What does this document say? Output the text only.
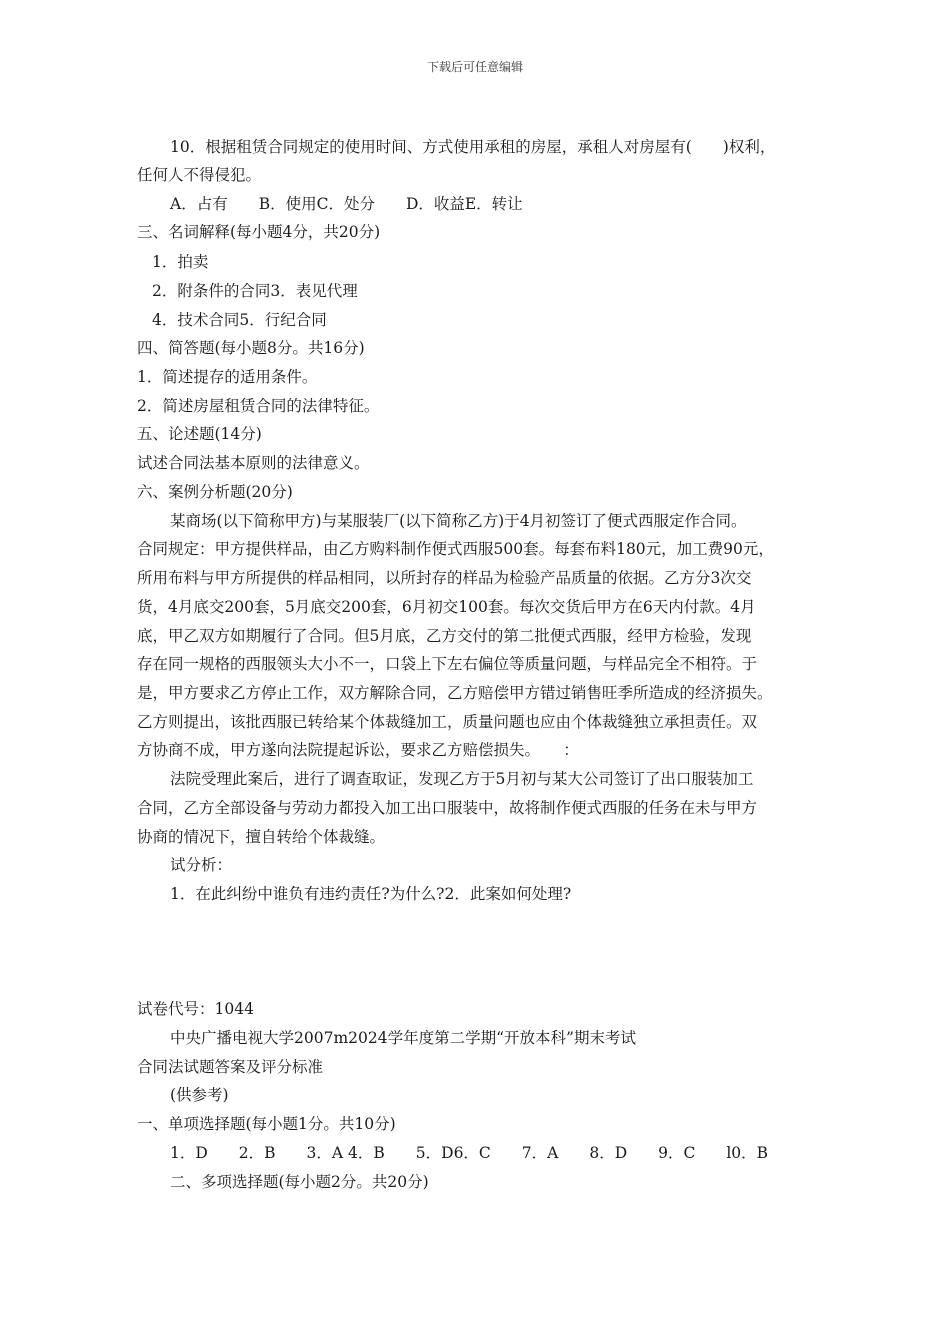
下载后可任意编辑
10．根据租赁合同规定的使用时间、方式使用承租的房屋，承租人对房屋有(　　)权利，
任何人不得侵犯。
A．占有　　B．使用C．处分　　D．收益E．转让
三、名词解释(每小题4分，共20分)
1．拍卖
2．附条件的合同3．表见代理
4．技术合同5．行纪合同
四、简答题(每小题8分。共16分)
1．简述提存的适用条件。
2．简述房屋租赁合同的法律特征。
五、论述题(14分)
试述合同法基本原则的法律意义。
六、案例分析题(20分)
某商场(以下简称甲方)与某服装厂(以下简称乙方)于4月初签订了便式西服定作合同。
合同规定：甲方提供样品，由乙方购料制作便式西服500套。每套布料180元，加工费90元，
所用布料与甲方所提供的样品相同，以所封存的样品为检验产品质量的依据。乙方分3次交
货，4月底交200套，5月底交200套，6月初交100套。每次交货后甲方在6天内付款。4月
底，甲乙双方如期履行了合同。但5月底，乙方交付的第二批便式西服，经甲方检验，发现
存在同一规格的西服领头大小不一，口袋上下左右偏位等质量问题，与样品完全不相符。于
是，甲方要求乙方停止工作，双方解除合同，乙方赔偿甲方错过销售旺季所造成的经济损失。
乙方则提出，该批西服已转给某个体裁缝加工，质量问题也应由个体裁缝独立承担责任。双
方协商不成，甲方遂向法院提起诉讼，要求乙方赔偿损失。　　：
法院受理此案后，进行了调查取证，发现乙方于5月初与某大公司签订了出口服装加工
合同，乙方全部设备与劳动力都投入加工出口服装中，故将制作便式西服的任务在未与甲方
协商的情况下，擅自转给个体裁缝。
试分析：
1．在此纠纷中谁负有违约责任?为什么?2．此案如何处理?
试卷代号：1044
中央广播电视大学2007m2024学年度第二学期“开放本科”期末考试
合同法试题答案及评分标准
(供参考)
一、单项选择题(每小题1分。共10分)
1．D　　2．B　　3．A 4．B　　5．D6．C　　7．A　　8．D　　9．C　　l0．B
二、多项选择题(每小题2分。共20分)
